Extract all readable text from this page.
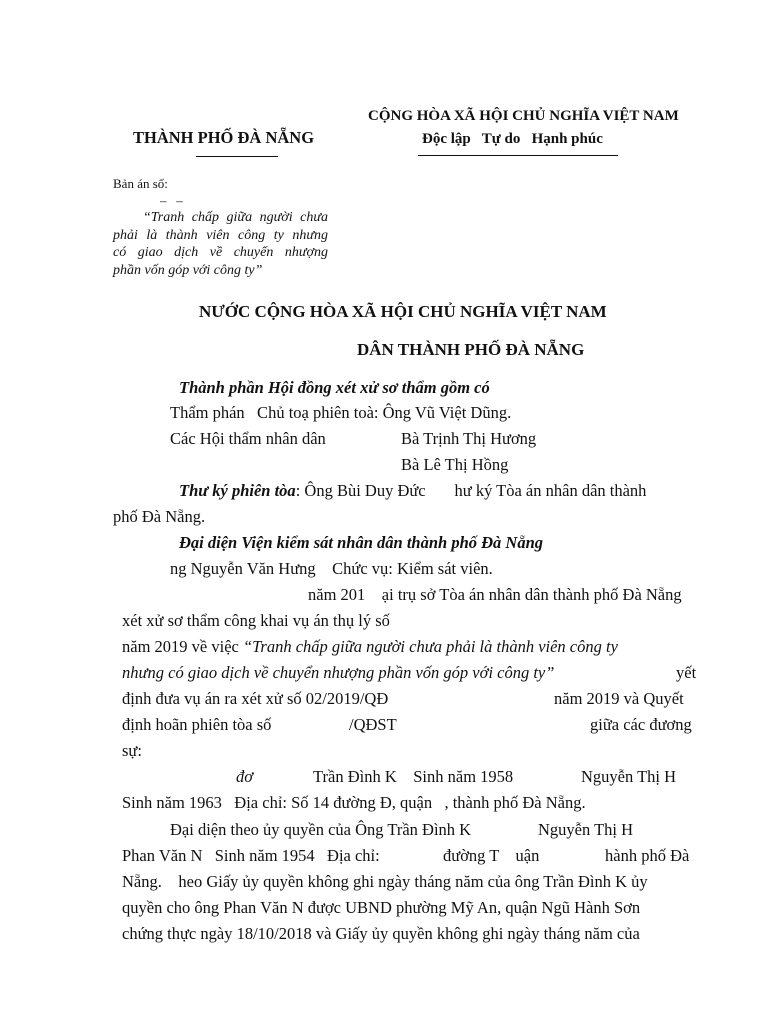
THÀNH PHỐ ĐÀ NẴNG
CỘNG HÒA XÃ HỘI CHỦ NGHĨA VIỆT NAM
Độc lập   Tự do   Hạnh phúc
Bản án số:
–   –
“Tranh chấp giữa người chưa
phải là thành viên công ty nhưng
có giao dịch về chuyển nhượng
phần vốn góp với công ty”
NƯỚC CỘNG HÒA XÃ HỘI CHỦ NGHĨA VIỆT NAM
DÂN THÀNH PHỐ ĐÀ NẴNG
Thành phần Hội đồng xét xử sơ thẩm gồm có
Thẩm phán   Chủ toạ phiên toà: Ông Vũ Việt Dũng.
Các Hội thẩm nhân dân	Bà Trịnh Thị Hương
Bà Lê Thị Hồng
Thư ký phiên tòa: Ông Bùi Duy Đức       hư ký Tòa án nhân dân thành
phố Đà Nẵng.
Đại diện Viện kiểm sát nhân dân thành phố Đà Nẵng
ng Nguyễn Văn Hưng    Chức vụ: Kiểm sát viên.
năm 201    ại trụ sở Tòa án nhân dân thành phố Đà Nẵng
xét xử sơ thẩm công khai vụ án thụ lý số
năm 2019 về việc “Tranh chấp giữa người chưa phải là thành viên công ty
nhưng có giao dịch về chuyển nhượng phần vốn góp với công ty”	yết
định đưa vụ án ra xét xử số 02/2019/QĐ	năm 2019 và Quyết
định hoãn phiên tòa số	/QĐST	giữa các đương
sự:
đơ	Trần Đình K    Sinh năm 1958	Nguyễn Thị H
Sinh năm 1963   Địa chỉ: Số 14 đường Đ, quận   , thành phố Đà Nẵng.
Đại diện theo ủy quyền của Ông Trần Đình K	Nguyễn Thị H
Phan Văn N   Sinh năm 1954   Địa chỉ:	đường T    uận	hành phố Đà
Nẵng.    heo Giấy ủy quyền không ghi ngày tháng năm của ông Trần Đình K ủy
quyền cho ông Phan Văn N được UBND phường Mỹ An, quận Ngũ Hành Sơn
chứng thực ngày 18/10/2018 và Giấy ủy quyền không ghi ngày tháng năm của
